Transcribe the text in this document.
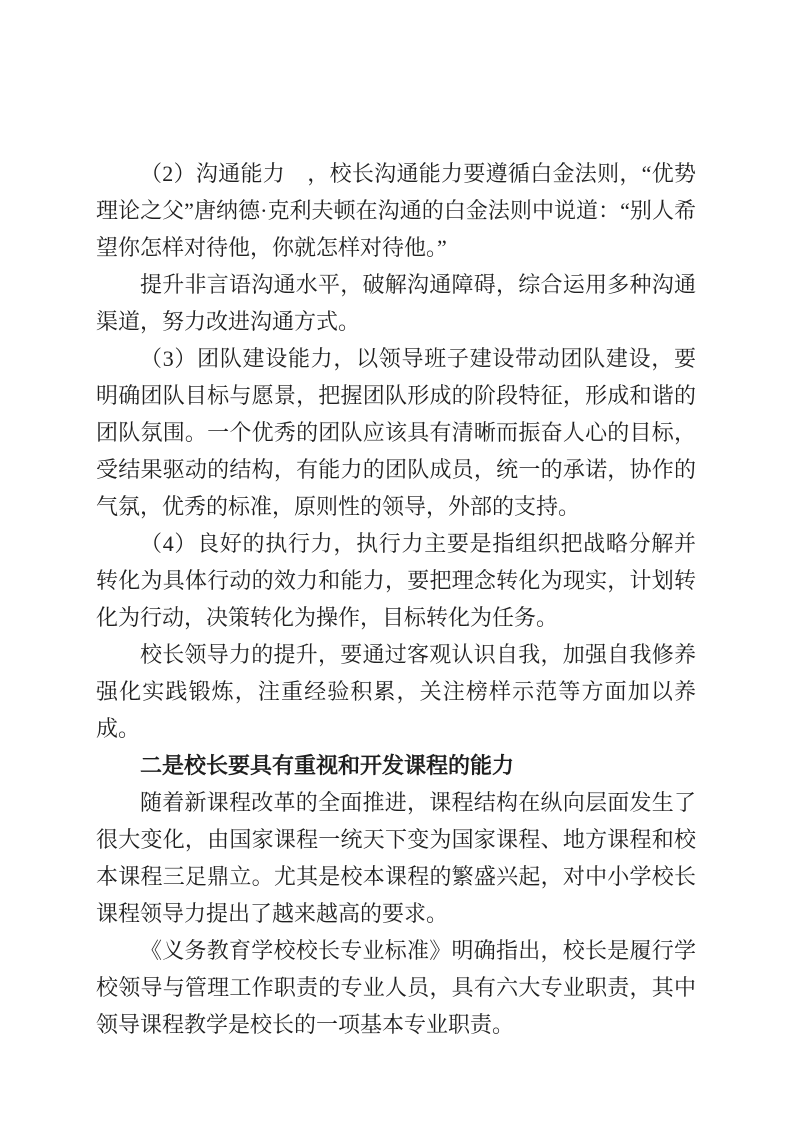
（2）沟通能力　，校长沟通能力要遵循白金法则，“优势理论之父”唐纳德·克利夫顿在沟通的白金法则中说道：“别人希望你怎样对待他，你就怎样对待他。”

提升非言语沟通水平，破解沟通障碍，综合运用多种沟通渠道，努力改进沟通方式。

（3）团队建设能力，以领导班子建设带动团队建设，要明确团队目标与愿景，把握团队形成的阶段特征，形成和谐的团队氛围。一个优秀的团队应该具有清晰而振奋人心的目标，受结果驱动的结构，有能力的团队成员，统一的承诺，协作的气氛，优秀的标准，原则性的领导，外部的支持。

（4）良好的执行力，执行力主要是指组织把战略分解并转化为具体行动的效力和能力，要把理念转化为现实，计划转化为行动，决策转化为操作，目标转化为任务。

校长领导力的提升，要通过客观认识自我，加强自我修养强化实践锻炼，注重经验积累，关注榜样示范等方面加以养成。

二是校长要具有重视和开发课程的能力

随着新课程改革的全面推进，课程结构在纵向层面发生了很大变化，由国家课程一统天下变为国家课程、地方课程和校本课程三足鼎立。尤其是校本课程的繁盛兴起，对中小学校长课程领导力提出了越来越高的要求。

《义务教育学校校长专业标准》明确指出，校长是履行学校领导与管理工作职责的专业人员，具有六大专业职责，其中领导课程教学是校长的一项基本专业职责。
